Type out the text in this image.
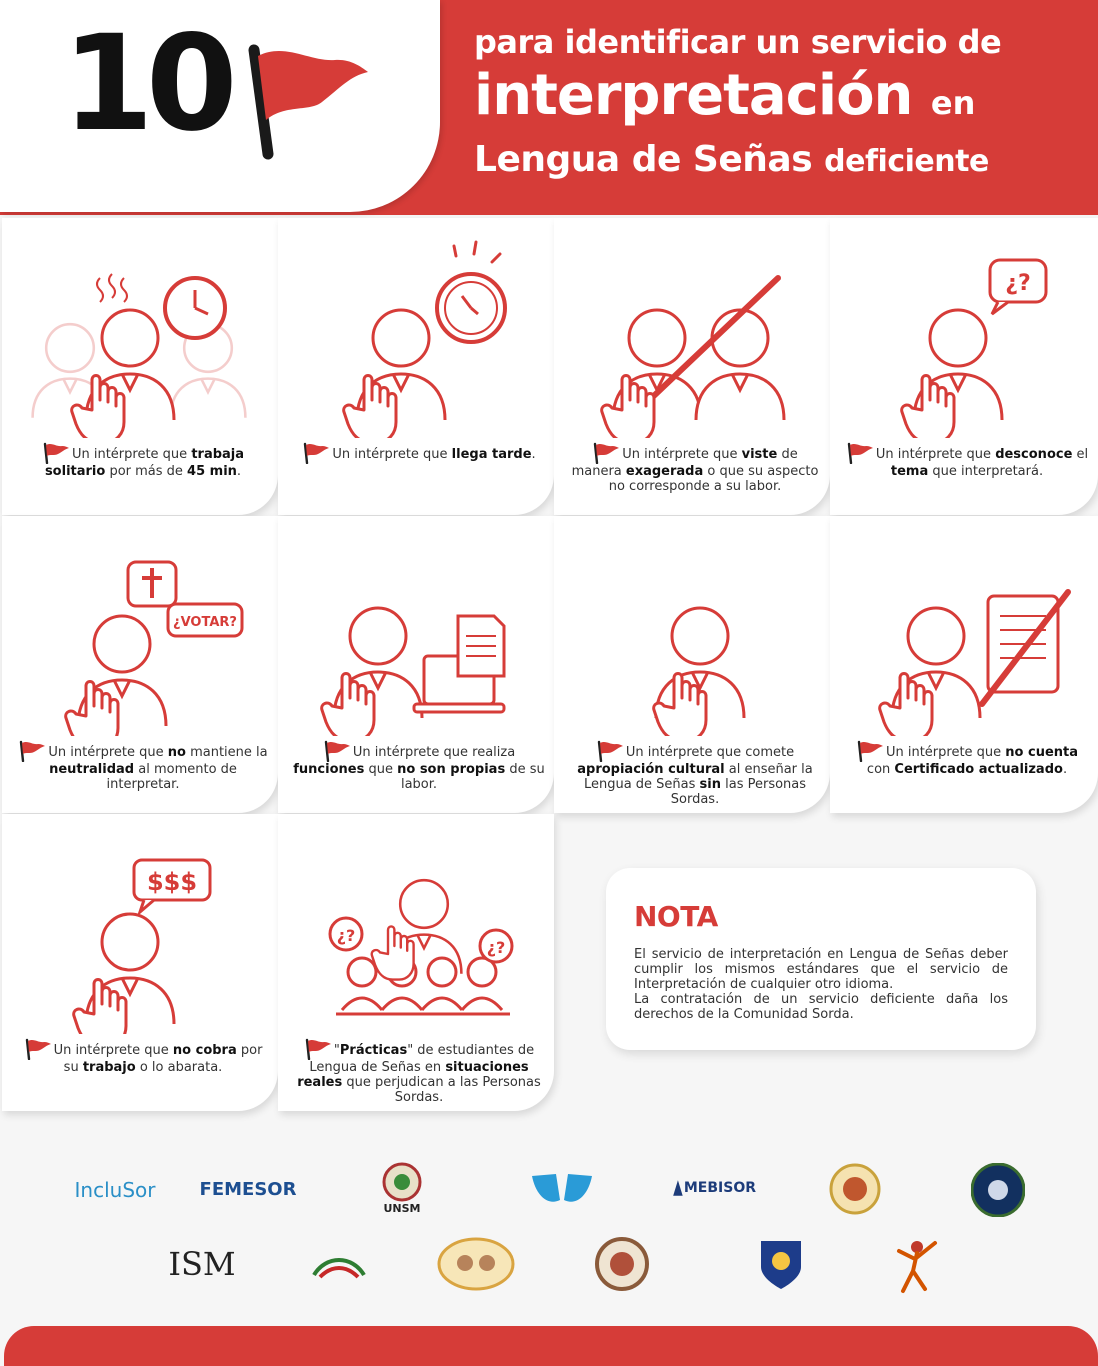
10	para identificar un servicio de
interpretación en
Lengua de Señas deficiente
Un intérprete que trabaja solitario por más de 45 min.
Un intérprete que llega tarde.	Un intérprete que viste de manera exagerada o que su aspecto no corresponde a su labor.
¿?
Un intérprete que desconoce el tema que interpretará.
¿VOTAR?
Un intérprete que no mantiene la neutralidad al momento de interpretar.
Un intérprete que realiza funciones que no son propias de su labor.
Un intérprete que comete apropiación cultural al enseñar la Lengua de Señas sin las Personas Sordas.
Un intérprete que no cuenta con Certificado actualizado.
$$$
Un intérprete que no cobra por su trabajo o lo abarata.
¿?
¿?
"Prácticas" de estudiantes de Lengua de Señas en situaciones reales que perjudican a las Personas Sordas.
NOTA

El servicio de interpretación en Lengua de Señas deber cumplir los mismos estándares que el servicio de Interpretación de cualquier otro idioma.

La contratación de un servicio deficiente daña los derechos de la Comunidad Sorda.

IncluSor FEMESOR
UNSM
MEBISOR
ISM
